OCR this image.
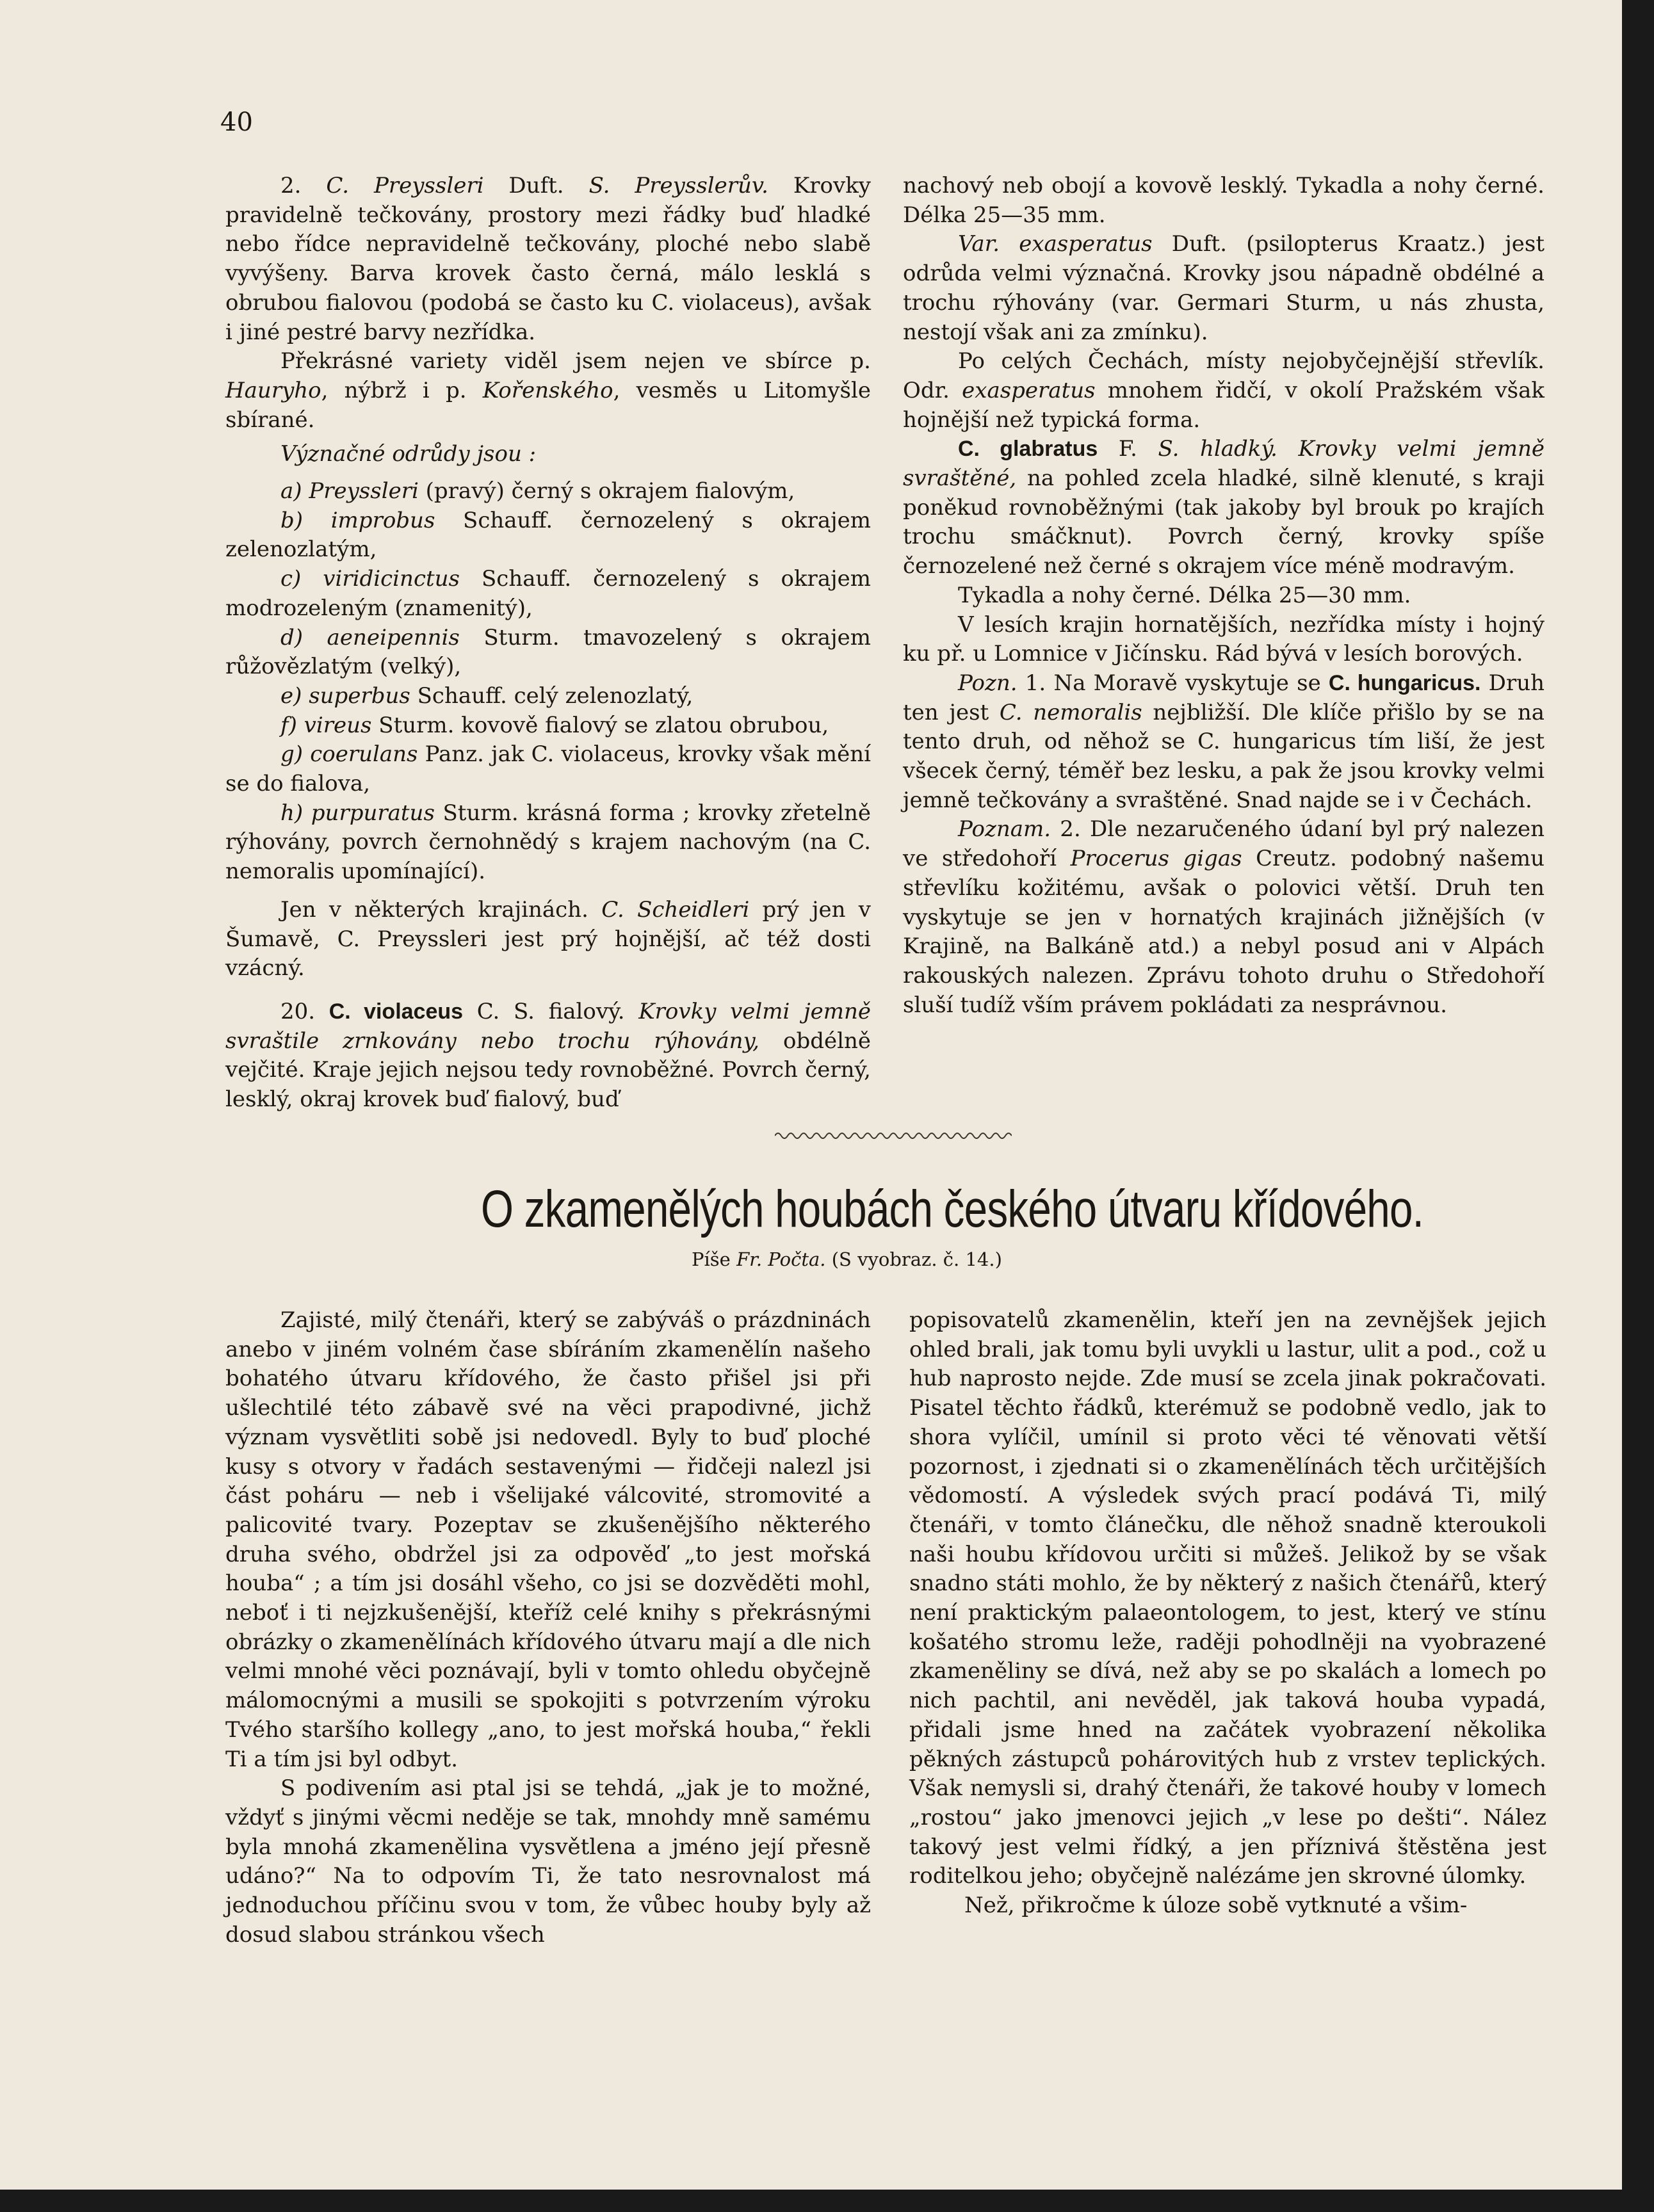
40

2. C. Preyssleri Duft. S. Preysslerův. Krovky pravidelně tečkovány, prostory mezi řádky buď hladké nebo řídce nepravidelně tečkovány, ploché nebo slabě vyvýšeny. Barva krovek často černá, málo lesklá s obrubou fialovou (podobá se často ku C. violaceus), avšak i jiné pestré barvy nezřídka.

Překrásné variety viděl jsem nejen ve sbírce p. Hauryho, nýbrž i p. Kořenského, vesměs u Litomyšle sbírané.

Význačné odrůdy jsou :

a) Preyssleri (pravý) černý s okrajem fialovým,

b) improbus Schauff. černozelený s okrajem zelenozlatým,

c) viridicinctus Schauff. černozelený s okrajem modrozeleným (znamenitý),

d) aeneipennis Sturm. tmavozelený s okrajem růžovězlatým (velký),

e) superbus Schauff. celý zelenozlatý,

f) vireus Sturm. kovově fialový se zlatou obrubou,

g) coerulans Panz. jak C. violaceus, krovky však mění se do fialova,

h) purpuratus Sturm. krásná forma ; krovky zřetelně rýhovány, povrch černohnědý s krajem nachovým (na C. nemoralis upomínající).

Jen v některých krajinách. C. Scheidleri prý jen v Šumavě, C. Preyssleri jest prý hojnější, ač též dosti vzácný.

20. C. violaceus C. S. fialový. Krovky velmi jemně svraštile zrnkovány nebo trochu rýhovány, obdélně vejčité. Kraje jejich nejsou tedy rovnoběžné. Povrch černý, lesklý, okraj krovek buď fialový, buď

nachový neb obojí a kovově lesklý. Tykadla a nohy černé. Délka 25—35 mm.

Var. exasperatus Duft. (psilopterus Kraatz.) jest odrůda velmi význačná. Krovky jsou nápadně obdélné a trochu rýhovány (var. Germari Sturm, u nás zhusta, nestojí však ani za zmínku).

Po celých Čechách, místy nejobyčejnější střevlík. Odr. exasperatus mnohem řidčí, v okolí Pražském však hojnější než typická forma.

C. glabratus F. S. hladký. Krovky velmi jemně svraštěné, na pohled zcela hladké, silně klenuté, s kraji poněkud rovnoběžnými (tak jakoby byl brouk po krajích trochu smáčknut). Povrch černý, krovky spíše černozelené než černé s okrajem více méně modravým.

Tykadla a nohy černé. Délka 25—30 mm.

V lesích krajin hornatějších, nezřídka místy i hojný ku př. u Lomnice v Jičínsku. Rád bývá v lesích borových.

Pozn. 1. Na Moravě vyskytuje se C. hungaricus. Druh ten jest C. nemoralis nejbližší. Dle klíče přišlo by se na tento druh, od něhož se C. hungaricus tím liší, že jest všecek černý, téměř bez lesku, a pak že jsou krovky velmi jemně tečkovány a svraštěné. Snad najde se i v Čechách.

Poznam. 2. Dle nezaručeného údaní byl prý nalezen ve středohoří Procerus gigas Creutz. podobný našemu střevlíku kožitému, avšak o polovici větší. Druh ten vyskytuje se jen v hornatých krajinách jižnějších (v Krajině, na Balkáně atd.) a nebyl posud ani v Alpách rakouských nalezen. Zprávu tohoto druhu o Středohoří sluší tudíž vším právem pokládati za nesprávnou.

O zkamenělých houbách českého útvaru křídového.
Píše Fr. Počta. (S vyobraz. č. 14.)

Zajisté, milý čtenáři, který se zabýváš o prázdninách anebo v jiném volném čase sbíráním zkamenělín našeho bohatého útvaru křídového, že často přišel jsi při ušlechtilé této zábavě své na věci prapodivné, jichž význam vysvětliti sobě jsi nedovedl. Byly to buď ploché kusy s otvory v řadách sestavenými — řidčeji nalezl jsi část poháru — neb i všelijaké válcovité, stromovité a palicovité tvary. Pozeptav se zkušenějšího některého druha svého, obdržel jsi za odpověď „to jest mořská houba“ ; a tím jsi dosáhl všeho, co jsi se dozvěděti mohl, neboť i ti nejzkušenější, kteříž celé knihy s překrásnými obrázky o zkamenělínách křídového útvaru mají a dle nich velmi mnohé věci poznávají, byli v tomto ohledu obyčejně málomocnými a musili se spokojiti s potvrzením výroku Tvého staršího kollegy „ano, to jest mořská houba,“ řekli Ti a tím jsi byl odbyt.

S podivením asi ptal jsi se tehdá, „jak je to možné, vždyť s jinými věcmi neděje se tak, mnohdy mně samému byla mnohá zkamenělina vysvětlena a jméno její přesně udáno?“ Na to odpovím Ti, že tato nesrovnalost má jednoduchou příčinu svou v tom, že vůbec houby byly až dosud slabou stránkou všech

popisovatelů zkamenělin, kteří jen na zevnějšek jejich ohled brali, jak tomu byli uvykli u lastur, ulit a pod., což u hub naprosto nejde. Zde musí se zcela jinak pokračovati. Pisatel těchto řádků, kterémuž se podobně vedlo, jak to shora vylíčil, umínil si proto věci té věnovati větší pozornost, i zjednati si o zkamenělínách těch určitějších vědomostí. A výsledek svých prací podává Ti, milý čtenáři, v tomto článečku, dle něhož snadně kteroukoli naši houbu křídovou určiti si můžeš. Jelikož by se však snadno státi mohlo, že by některý z našich čtenářů, který není praktickým palaeontologem, to jest, který ve stínu košatého stromu leže, raději pohodlněji na vyobrazené zkameněliny se dívá, než aby se po skalách a lomech po nich pachtil, ani nevěděl, jak taková houba vypadá, přidali jsme hned na začátek vyobrazení několika pěkných zástupců pohárovitých hub z vrstev teplických. Však nemysli si, drahý čtenáři, že takové houby v lomech „rostou“ jako jmenovci jejich „v lese po dešti“. Nález takový jest velmi řídký, a jen příznivá štěstěna jest roditelkou jeho; obyčejně nalézáme jen skrovné úlomky.

Než, přikročme k úloze sobě vytknuté a všim-
